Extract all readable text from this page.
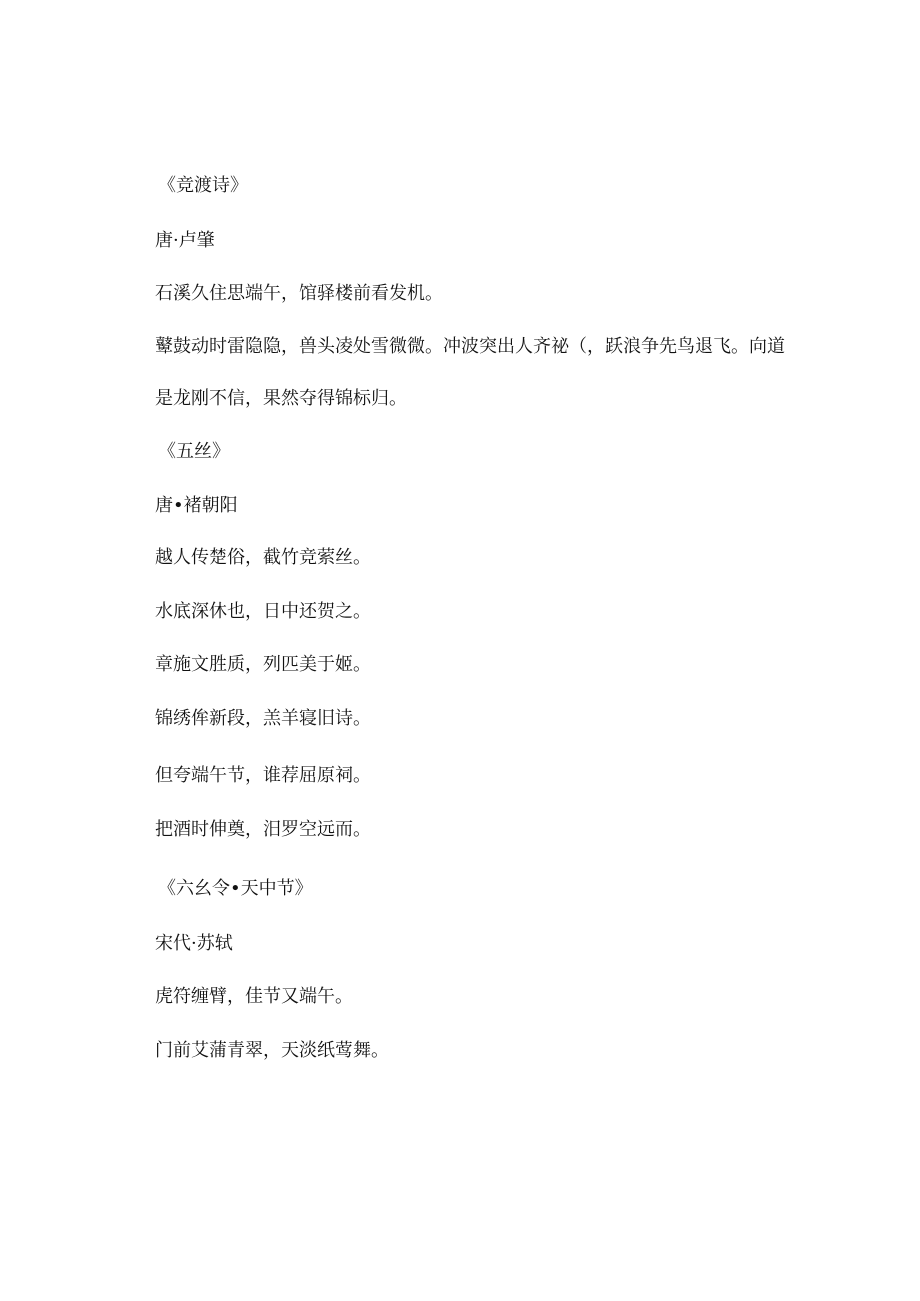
《竞渡诗》

唐·卢肇

石溪久住思端午，馆驿楼前看发机。

鼙鼓动时雷隐隐，兽头凌处雪微微。冲波突出人齐祕（，跃浪争先鸟退飞。向道

是龙刚不信，果然夺得锦标归。

《五丝》

唐•褚朝阳

越人传楚俗，截竹竞萦丝。

水底深休也，日中还贺之。

章施文胜质，列匹美于姬。

锦绣侔新段，羔羊寝旧诗。

但夸端午节，谁荐屈原祠。

把酒时伸奠，汨罗空远而。

《六幺令•天中节》

宋代·苏轼

虎符缠臂，佳节又端午。

门前艾蒲青翠，天淡纸莺舞。
